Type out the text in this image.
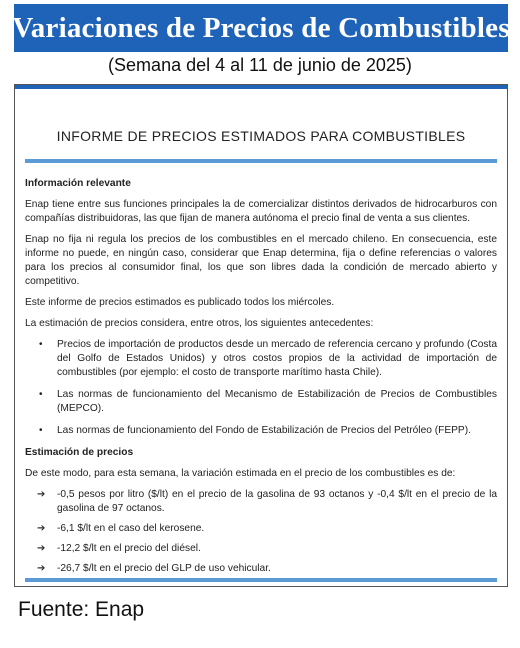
Variaciones de Precios de Combustibles
(Semana del 4 al 11 de junio de 2025)
INFORME DE PRECIOS ESTIMADOS PARA COMBUSTIBLES

Información relevante

Enap tiene entre sus funciones principales la de comercializar distintos derivados de hidrocarburos con compañías distribuidoras, las que fijan de manera autónoma el precio final de venta a sus clientes.

Enap no fija ni regula los precios de los combustibles en el mercado chileno. En consecuencia, este informe no puede, en ningún caso, considerar que Enap determina, fija o define referencias o valores para los precios al consumidor final, los que son libres dada la condición de mercado abierto y competitivo.

Este informe de precios estimados es publicado todos los miércoles.

La estimación de precios considera, entre otros, los siguientes antecedentes:

• Precios de importación de productos desde un mercado de referencia cercano y profundo (Costa del Golfo de Estados Unidos) y otros costos propios de la actividad de importación de combustibles (por ejemplo: el costo de transporte marítimo hasta Chile).
• Las normas de funcionamiento del Mecanismo de Estabilización de Precios de Combustibles (MEPCO).
• Las normas de funcionamiento del Fondo de Estabilización de Precios del Petróleo (FEPP).

Estimación de precios

De este modo, para esta semana, la variación estimada en el precio de los combustibles es de:

➔ -0,5 pesos por litro ($/lt) en el precio de la gasolina de 93 octanos y -0,4 $/lt en el precio de la gasolina de 97 octanos.
➔ -6,1 $/lt en el caso del kerosene.
➔ -12,2 $/lt en el precio del diésel.
➔ -26,7 $/lt en el precio del GLP de uso vehicular.
Fuente: Enap
